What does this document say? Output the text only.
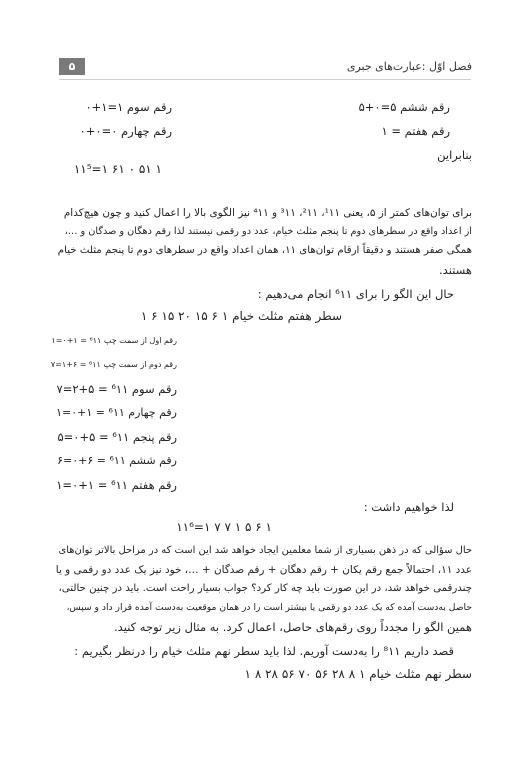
۵	فصل اوّل :عبارت‌های جبری
رقم ششم ۵=۰+۵
رقم سوم ۱=۱+۰
رقم هفتم = ۱
رقم چهارم ۰=۰+۰
بنابراین
۱۱⁵=۱ ۶۱ ۰ ۵۱ ۱
برای توان‌های کمتر از ۵، یعنی ¹۱۱، ²۱۱، ³۱۱ و ⁴۱۱ نیز الگوی بالا را اعمال کنید و چون هیچ‌کدام
از اعداد واقع در سطرهای دوم تا پنجم مثلث خیام، عدد دو رقمی نیستند لذا رقم دهگان و صدگان و …،
همگی صفر هستند و دقیقاً ارقام توان‌های ۱۱، همان اعداد واقع در سطرهای دوم تا پنجم مثلث خیام
هستند.
حال این الگو را برای ⁶۱۱ انجام می‌دهیم :
سطر هفتم مثلث خیام ۱ ۶ ۱۵ ۲۰ ۱۵ ۶ ۱
رقم اول از سمت چپ ⁶۱۱ = ۱+۰=۱
رقم دوم از سمت چپ ⁶۱۱ = ۶+۱=۷
رقم سوم ⁶۱۱ = ۵+۲=۷
رقم چهارم ⁶۱۱ = ۱+۰=۱
رقم پنجم ⁶۱۱ = ۵+۰=۵
رقم ششم ⁶۱۱ = ۶+۰=۶
رقم هفتم ⁶۱۱ = ۱+۰=۱
لذا خواهیم داشت :
۱۱⁶=۱ ۷ ۷ ۱ ۵ ۶ ۱
حال سؤالی که در ذهن بسیاری از شما معلمین ایجاد خواهد شد این است که در مراحل بالاتر توان‌های
عدد ۱۱، احتمالاً جمع رقم یکان + رقم دهگان + رقم صدگان + …، خود نیز یک عدد دو رقمی و یا
چندرقمی خواهد شد، در این صورت باید چه کار کرد؟ جواب بسیار راحت است. باید در چنین حالتی،
حاصل به‌دست آمده که یک عدد دو رقمی یا بیشتر است را در همان موقعیت به‌دست آمده قرار داد و سپس،
همین الگو را مجدداً روی رقم‌های حاصل، اعمال کرد. به مثال زیر توجه کنید.
قصد داریم ⁸۱۱ را به‌دست آوریم. لذا باید سطر نهم مثلث خیام را درنظر بگیریم :
سطر نهم مثلث خیام ۱ ۸ ۲۸ ۵۶ ۷۰ ۵۶ ۲۸ ۸ ۱
